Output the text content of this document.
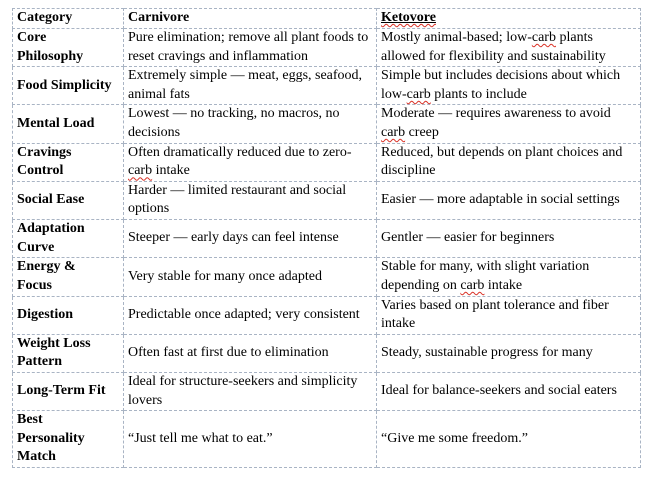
Category	Carnivore	Ketovore
Core
Philosophy	Pure elimination; remove all plant foods to reset cravings and inflammation	Mostly animal-based; low-carb plants allowed for flexibility and sustainability
Food Simplicity	Extremely simple — meat, eggs, seafood, animal fats	Simple but includes decisions about which low-carb plants to include
Mental Load	Lowest — no tracking, no macros, no decisions	Moderate — requires awareness to avoid carb creep
Cravings
Control	Often dramatically reduced due to zero-carb intake	Reduced, but depends on plant choices and discipline
Social Ease	Harder — limited restaurant and social options	Easier — more adaptable in social settings
Adaptation
Curve	Steeper — early days can feel intense	Gentler — easier for beginners
Energy &
Focus	Very stable for many once adapted	Stable for many, with slight variation depending on carb intake
Digestion	Predictable once adapted; very consistent	Varies based on plant tolerance and fiber intake
Weight Loss
Pattern	Often fast at first due to elimination	Steady, sustainable progress for many
Long-Term Fit	Ideal for structure-seekers and simplicity lovers	Ideal for balance-seekers and social eaters
Best
Personality
Match	“Just tell me what to eat.”	“Give me some freedom.”
